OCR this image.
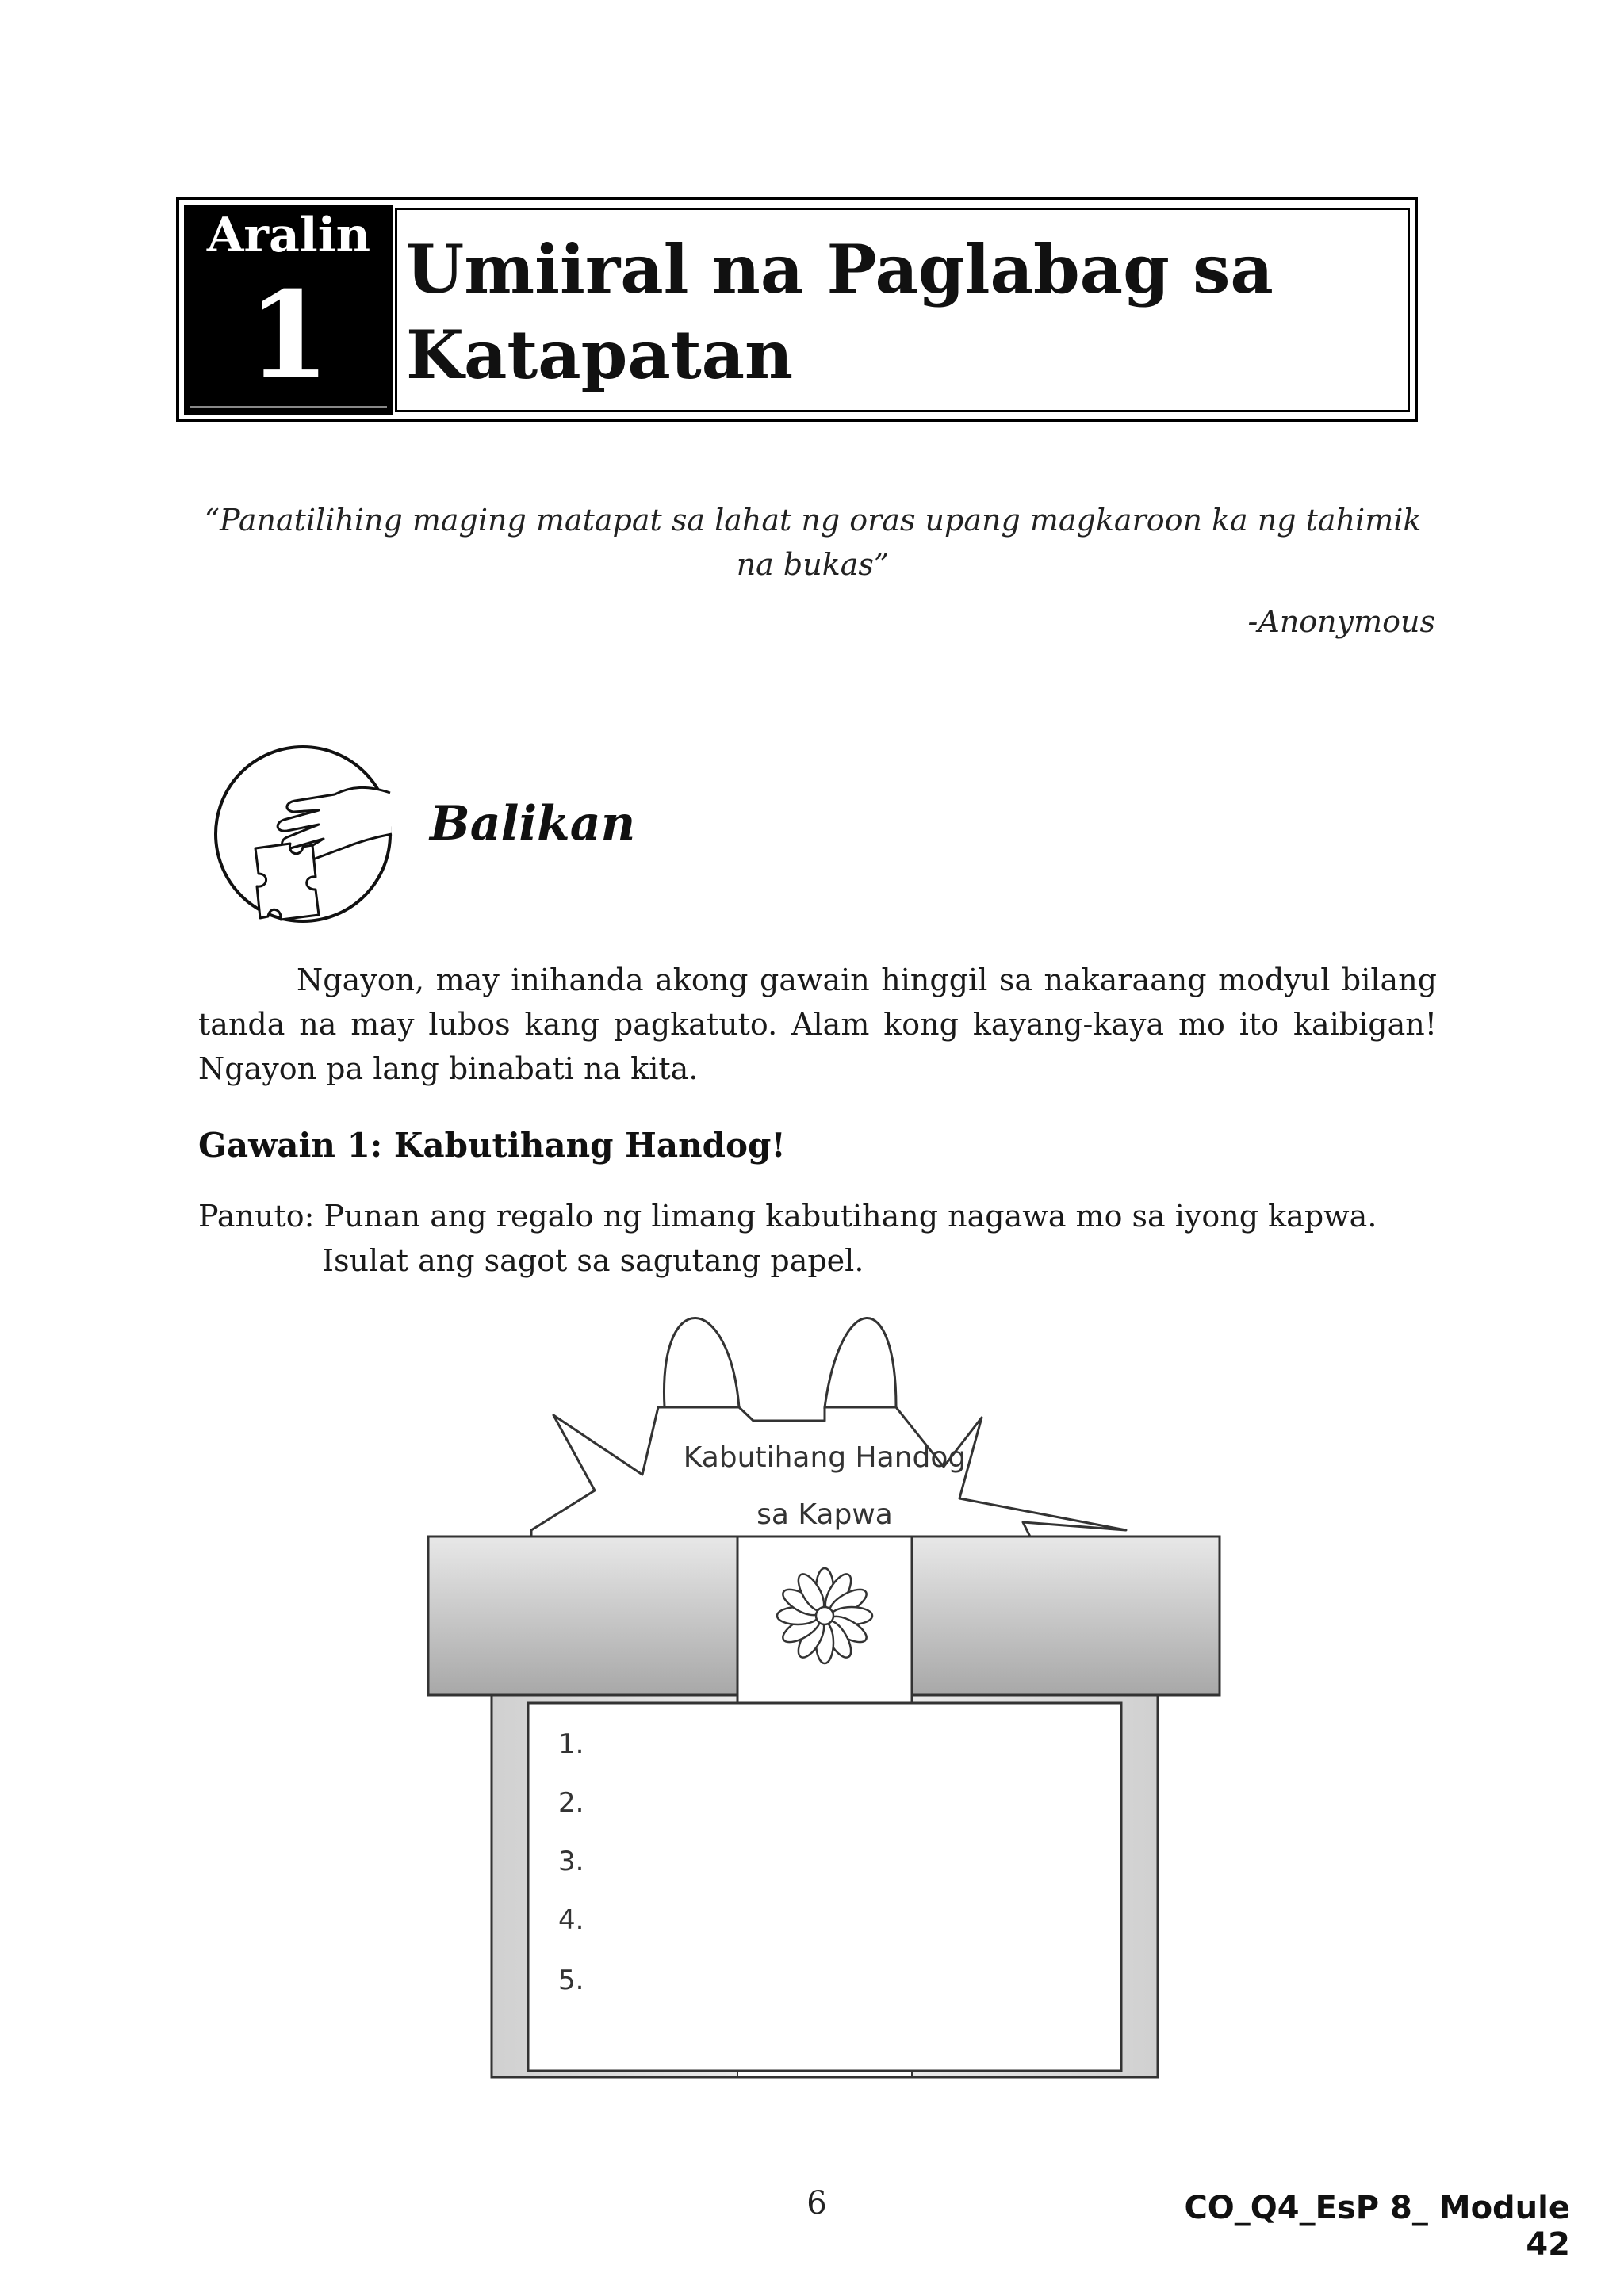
Aralin
1	Umiiral na Paglabag sa Katapatan
“Panatilihing maging matapat sa lahat ng oras upang magkaroon ka ng tahimik na bukas”
-Anonymous
Balikan
Ngayon, may inihanda akong gawain hinggil sa nakaraang modyul bilang tanda na may lubos kang pagkatuto. Alam kong kayang-kaya mo ito kaibigan! Ngayon pa lang binabati na kita.
Gawain 1: Kabutihang Handog!
Panuto: Punan ang regalo ng limang kabutihang nagawa mo sa iyong kapwa.
Isulat ang sagot sa sagutang papel.
Kabutihang Handog
sa Kapwa
1.
2.
3.
4.
5.
6	CO_Q4_EsP 8_ Module 42
